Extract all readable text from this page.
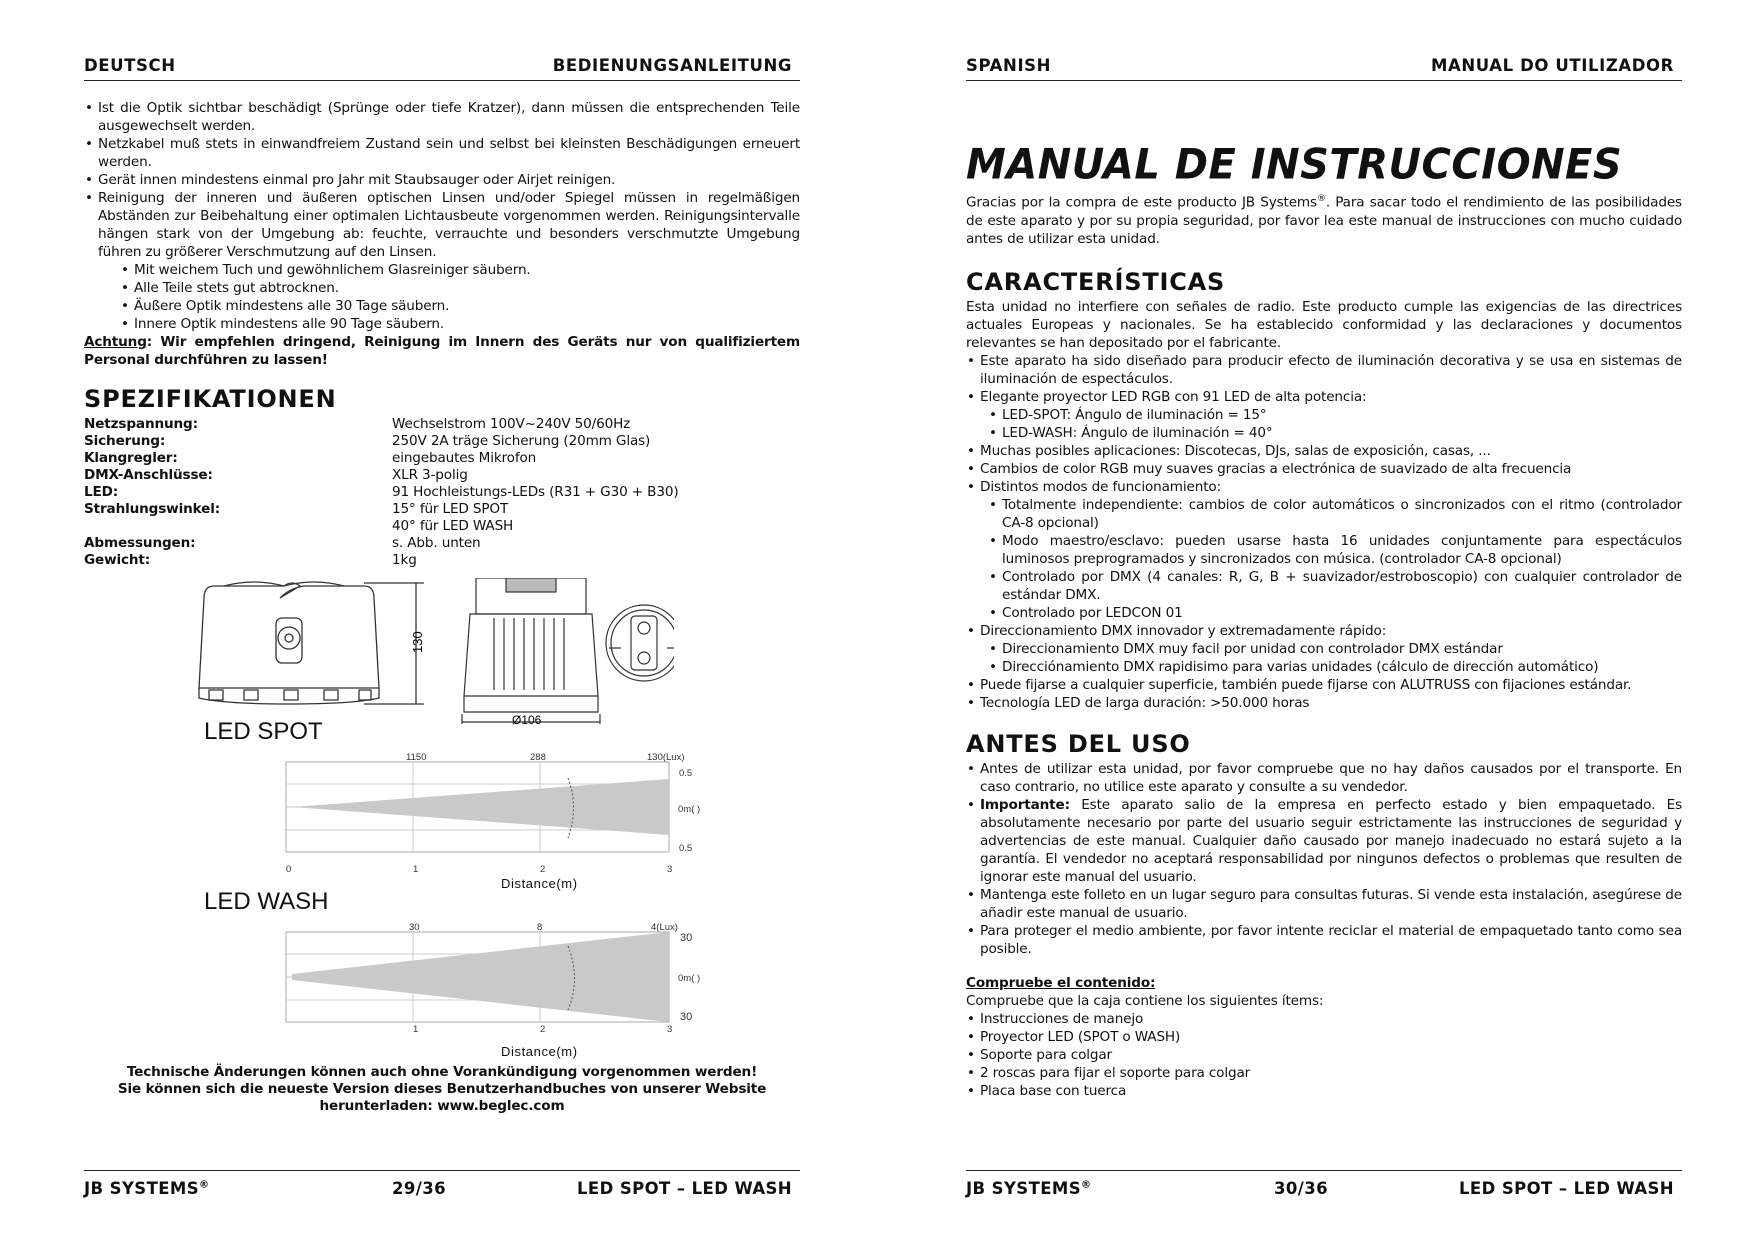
DEUTSCH	BEDIENUNGSANLEITUNG
• Ist die Optik sichtbar beschädigt (Sprünge oder tiefe Kratzer), dann müssen die entsprechenden Teile ausgewechselt werden.
• Netzkabel muß stets in einwandfreiem Zustand sein und selbst bei kleinsten Beschädigungen erneuert werden.
• Gerät innen mindestens einmal pro Jahr mit Staubsauger oder Airjet reinigen.
• Reinigung der inneren und äußeren optischen Linsen und/oder Spiegel müssen in regelmäßigen Abständen zur Beibehaltung einer optimalen Lichtausbeute vorgenommen werden. Reinigungsintervalle hängen stark von der Umgebung ab: feuchte, verrauchte und besonders verschmutzte Umgebung führen zu größerer Verschmutzung auf den Linsen.
• Mit weichem Tuch und gewöhnlichem Glasreiniger säubern.
• Alle Teile stets gut abtrocknen.
• Äußere Optik mindestens alle 30 Tage säubern.
• Innere Optik mindestens alle 90 Tage säubern.
Achtung: Wir empfehlen dringend, Reinigung im Innern des Geräts nur von qualifiziertem Personal durchführen zu lassen!
SPEZIFIKATIONEN
Netzspannung:	Wechselstrom 100V~240V 50/60Hz
Sicherung:	250V 2A träge Sicherung (20mm Glas)
Klangregler:	eingebautes Mikrofon
DMX-Anschlüsse:	XLR 3-polig
LED:	91 Hochleistungs-LEDs (R31 + G30 + B30)
Strahlungswinkel:	15° für LED SPOT
40° für LED WASH
Abmessungen:	s. Abb. unten
Gewicht:	1kg
130
Ø106
LED SPOT
1150	288	130(Lux)
0.5
0m( )
0.5
0	1	2	3
Distance(m)
LED WASH
30	8	4(Lux)
30
0m( )
30
1	2	3
Distance(m)
Technische Änderungen können auch ohne Vorankündigung vorgenommen werden!
Sie können sich die neueste Version dieses Benutzerhandbuches von unserer Website
herunterladen: www.beglec.com
JB SYSTEMS®	29/36	LED SPOT – LED WASH
SPANISH	MANUAL DO UTILIZADOR
MANUAL DE INSTRUCCIONES
Gracias por la compra de este producto JB Systems®. Para sacar todo el rendimiento de las posibilidades de este aparato y por su propia seguridad, por favor lea este manual de instrucciones con mucho cuidado antes de utilizar esta unidad.
CARACTERÍSTICAS
Esta unidad no interfiere con señales de radio. Este producto cumple las exigencias de las directrices actuales Europeas y nacionales. Se ha establecido conformidad y las declaraciones y documentos relevantes se han depositado por el fabricante.
• Este aparato ha sido diseñado para producir efecto de iluminación decorativa y se usa en sistemas de iluminación de espectáculos.
• Elegante proyector LED RGB con 91 LED de alta potencia:
• LED-SPOT: Ángulo de iluminación = 15°
• LED-WASH: Ángulo de iluminación = 40°
• Muchas posibles aplicaciones: Discotecas, DJs, salas de exposición, casas, ...
• Cambios de color RGB muy suaves gracias a electrónica de suavizado de alta frecuencia
• Distintos modos de funcionamiento:
• Totalmente independiente: cambios de color automáticos o sincronizados con el ritmo (controlador CA-8 opcional)
• Modo maestro/esclavo: pueden usarse hasta 16 unidades conjuntamente para espectáculos luminosos preprogramados y sincronizados con música. (controlador CA-8 opcional)
• Controlado por DMX (4 canales: R, G, B + suavizador/estroboscopio) con cualquier controlador de estándar DMX.
• Controlado por LEDCON 01
• Direccionamiento DMX innovador y extremadamente rápido:
• Direccionamiento DMX muy facil por unidad con controlador DMX estándar
• Direcciónamiento DMX rapidisimo para varias unidades (cálculo de dirección automático)
• Puede fijarse a cualquier superficie, también puede fijarse con ALUTRUSS con fijaciones estándar.
• Tecnología LED de larga duración: >50.000 horas
ANTES DEL USO
• Antes de utilizar esta unidad, por favor compruebe que no hay daños causados por el transporte. En caso contrario, no utilice este aparato y consulte a su vendedor.
• Importante: Este aparato salio de la empresa en perfecto estado y bien empaquetado. Es absolutamente necesario por parte del usuario seguir estrictamente las instrucciones de seguridad y advertencias de este manual. Cualquier daño causado por manejo inadecuado no estará sujeto a la garantía. El vendedor no aceptará responsabilidad por ningunos defectos o problemas que resulten de ignorar este manual del usuario.
• Mantenga este folleto en un lugar seguro para consultas futuras. Si vende esta instalación, asegúrese de añadir este manual de usuario.
• Para proteger el medio ambiente, por favor intente reciclar el material de empaquetado tanto como sea posible.
Compruebe el contenido:
Compruebe que la caja contiene los siguientes ítems:
• Instrucciones de manejo
• Proyector LED (SPOT o WASH)
• Soporte para colgar
• 2 roscas para fijar el soporte para colgar
• Placa base con tuerca
JB SYSTEMS®	30/36	LED SPOT – LED WASH
